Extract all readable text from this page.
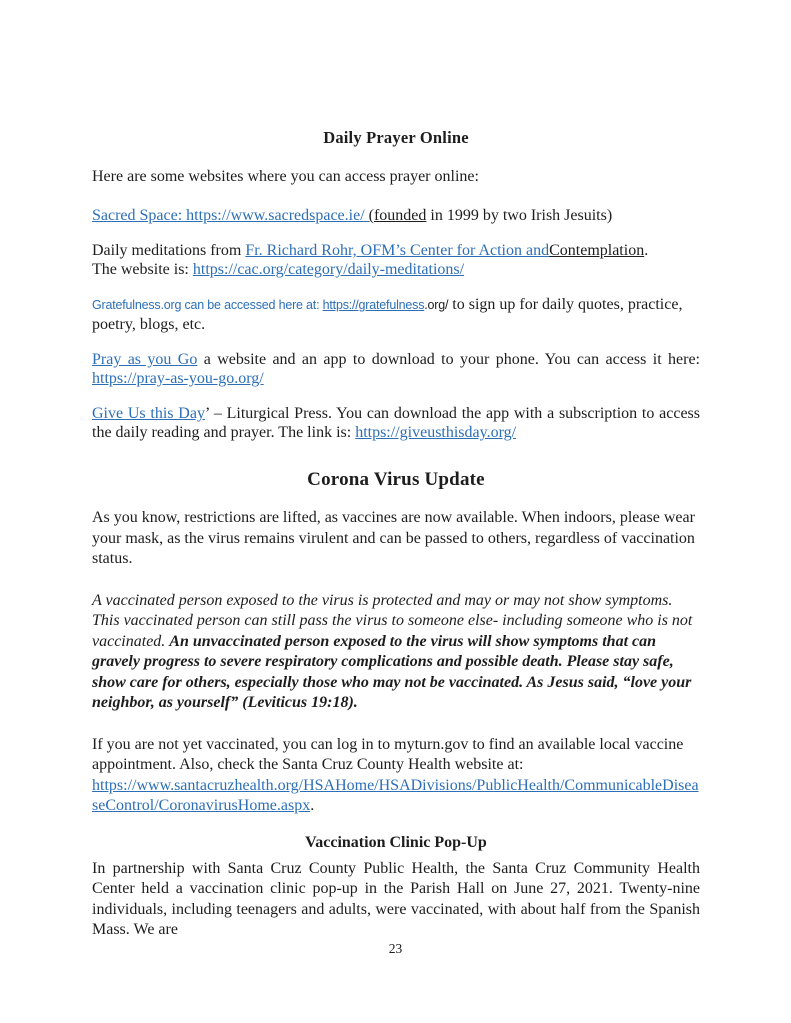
Daily Prayer Online

Here are some websites where you can access prayer online:

Sacred Space: https://www.sacredspace.ie/ (founded in 1999 by two Irish Jesuits)

Daily meditations from Fr. Richard Rohr, OFM’s Center for Action andContemplation.
The website is: https://cac.org/category/daily-meditations/

Gratefulness.org can be accessed here at: https://gratefulness.org/ to sign up for daily quotes, practice, poetry, blogs, etc.

Pray as you Go a website and an app to download to your phone. You can access it here:
https://pray-as-you-go.org/

Give Us this Day’ – Liturgical Press. You can download the app with a subscription to access the daily reading and prayer. The link is: https://giveusthisday.org/

Corona Virus Update

As you know, restrictions are lifted, as vaccines are now available. When indoors, please wear your mask, as the virus remains virulent and can be passed to others, regardless of vaccination status.

A vaccinated person exposed to the virus is protected and may or may not show symptoms. This vaccinated person can still pass the virus to someone else- including someone who is not vaccinated. An unvaccinated person exposed to the virus will show symptoms that can gravely progress to severe respiratory complications and possible death. Please stay safe, show care for others, especially those who may not be vaccinated. As Jesus said, “love your neighbor, as yourself” (Leviticus 19:18).

If you are not yet vaccinated, you can log in to myturn.gov to find an available local vaccine appointment. Also, check the Santa Cruz County Health website at:
https://www.santacruzhealth.org/HSAHome/HSADivisions/PublicHealth/CommunicableDiseaseControl/CoronavirusHome.aspx.

Vaccination Clinic Pop-Up

In partnership with Santa Cruz County Public Health, the Santa Cruz Community Health Center held a vaccination clinic pop-up in the Parish Hall on June 27, 2021. Twenty-nine individuals, including teenagers and adults, were vaccinated, with about half from the Spanish Mass. We are

23
